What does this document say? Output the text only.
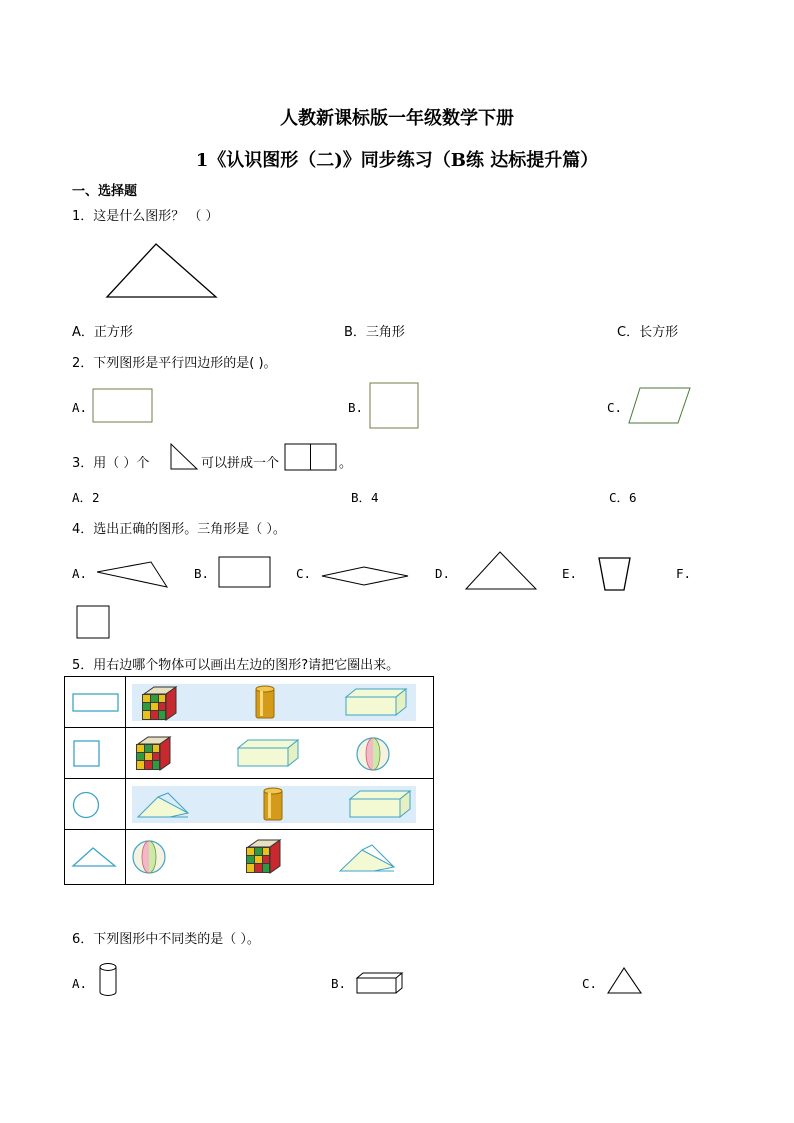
人教新课标版一年级数学下册
1《认识图形（二)》同步练习（B练 达标提升篇）
一、选择题
1．这是什么图形？ （ ）
A．正方形	B．三角形	C．长方形
2．下列图形是平行四边形的是( )。
A.	B.	C.
3．用（ ）个	可以拼成一个	。
A．2	B．4	C．6
4．选出正确的图形。三角形是（ ）。
A.	B.	C.	D.	E.	F.
5．用右边哪个物体可以画出左边的图形?请把它圈出来。

6．下列图形中不同类的是（ ）。
A.	B.	C.
